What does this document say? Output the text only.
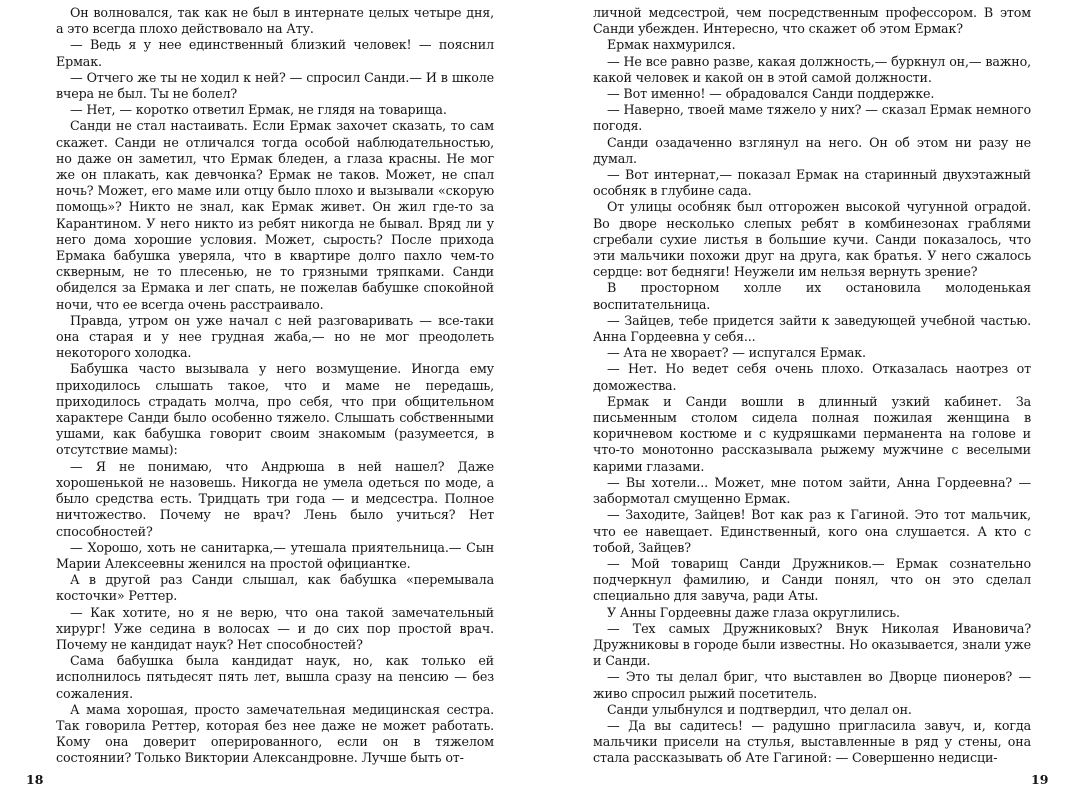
Он волновался, так как не был в интернате целых четыре дня, а это всегда плохо действовало на Ату.

— Ведь я у нее единственный близкий человек! — пояснил Ермак.

— Отчего же ты не ходил к ней? — спросил Санди.— И в школе вчера не был. Ты не болел?

— Нет, — коротко ответил Ермак, не глядя на товарища.

Санди не стал настаивать. Если Ермак захочет сказать, то сам скажет. Санди не отличался тогда особой наблюдательностью, но даже он заметил, что Ермак бледен, а глаза красны. Не мог же он плакать, как девчонка? Ермак не таков. Может, не спал ночь? Может, его маме или отцу было плохо и вызывали «скорую помощь»? Никто не знал, как Ермак живет. Он жил где-то за Карантином. У него никто из ребят никогда не бывал. Вряд ли у него дома хорошие условия. Может, сырость? После прихода Ермака бабушка уверяла, что в квартире долго пахло чем-то скверным, не то плесенью, не то грязными тряпками. Санди обиделся за Ермака и лег спать, не пожелав бабушке спокойной ночи, что ее всегда очень расстраивало.

Правда, утром он уже начал с ней разговаривать — все-таки она старая и у нее грудная жаба,— но не мог преодолеть некоторого холодка.

Бабушка часто вызывала у него возмущение. Иногда ему приходилось слышать такое, что и маме не передашь, приходилось страдать молча, про себя, что при общительном характере Санди было особенно тяжело. Слышать собственными ушами, как бабушка говорит своим знакомым (разумеется, в отсутствие мамы):

— Я не понимаю, что Андрюша в ней нашел? Даже хорошенькой не назовешь. Никогда не умела одеться по моде, а было средства есть. Тридцать три года — и медсестра. Полное ничтожество. Почему не врач? Лень было учиться? Нет способностей?

— Хорошо, хоть не санитарка,— утешала приятельница.— Сын Марии Алексеевны женился на простой официантке.

А в другой раз Санди слышал, как бабушка «перемывала косточки» Реттер.

— Как хотите, но я не верю, что она такой замечательный хирург! Уже седина в волосах — и до сих пор простой врач. Почему не кандидат наук? Нет способностей?

Сама бабушка была кандидат наук, но, как только ей исполнилось пятьдесят пять лет, вышла сразу на пенсию — без сожаления.

А мама хорошая, просто замечательная медицинская сестра. Так говорила Реттер, которая без нее даже не может работать. Кому она доверит оперированного, если он в тяжелом состоянии? Только Виктории Александровне. Лучше быть от-

личной медсестрой, чем посредственным профессором. В этом Санди убежден. Интересно, что скажет об этом Ермак?

Ермак нахмурился.

— Не все равно разве, какая должность,— буркнул он,— важно, какой человек и какой он в этой самой должности.

— Вот именно! — обрадовался Санди поддержке.

— Наверно, твоей маме тяжело у них? — сказал Ермак немного погодя.

Санди озадаченно взглянул на него. Он об этом ни разу не думал.

— Вот интернат,— показал Ермак на старинный двухэтажный особняк в глубине сада.

От улицы особняк был отгорожен высокой чугунной оградой. Во дворе несколько слепых ребят в комбинезонах граблями сгребали сухие листья в большие кучи. Санди показалось, что эти мальчики похожи друг на друга, как братья. У него сжалось сердце: вот бедняги! Неужели им нельзя вернуть зрение?

В просторном холле их остановила молоденькая воспитательница.

— Зайцев, тебе придется зайти к заведующей учебной частью. Анна Гордеевна у себя...

— Ата не хворает? — испугался Ермак.

— Нет. Но ведет себя очень плохо. Отказалась наотрез от доможества.

Ермак и Санди вошли в длинный узкий кабинет. За письменным столом сидела полная пожилая женщина в коричневом костюме и с кудряшками перманента на голове и что-то монотонно рассказывала рыжему мужчине с веселыми карими глазами.

— Вы хотели... Может, мне потом зайти, Анна Гордеевна? — забормотал смущенно Ермак.

— Заходите, Зайцев! Вот как раз к Гагиной. Это тот мальчик, что ее навещает. Единственный, кого она слушается. А кто с тобой, Зайцев?

— Мой товарищ Санди Дружников.— Ермак сознательно подчеркнул фамилию, и Санди понял, что он это сделал специально для завуча, ради Аты.

У Анны Гордеевны даже глаза округлились.

— Тех самых Дружниковых? Внук Николая Ивановича? Дружниковы в городе были известны. Но оказывается, знали уже и Санди.

— Это ты делал бриг, что выставлен во Дворце пионеров? — живо спросил рыжий посетитель.

Санди улыбнулся и подтвердил, что делал он.

— Да вы садитесь! — радушно пригласила завуч, и, когда мальчики присели на стулья, выставленные в ряд у стены, она стала рассказывать об Ате Гагиной: — Совершенно недисци-

18	19
